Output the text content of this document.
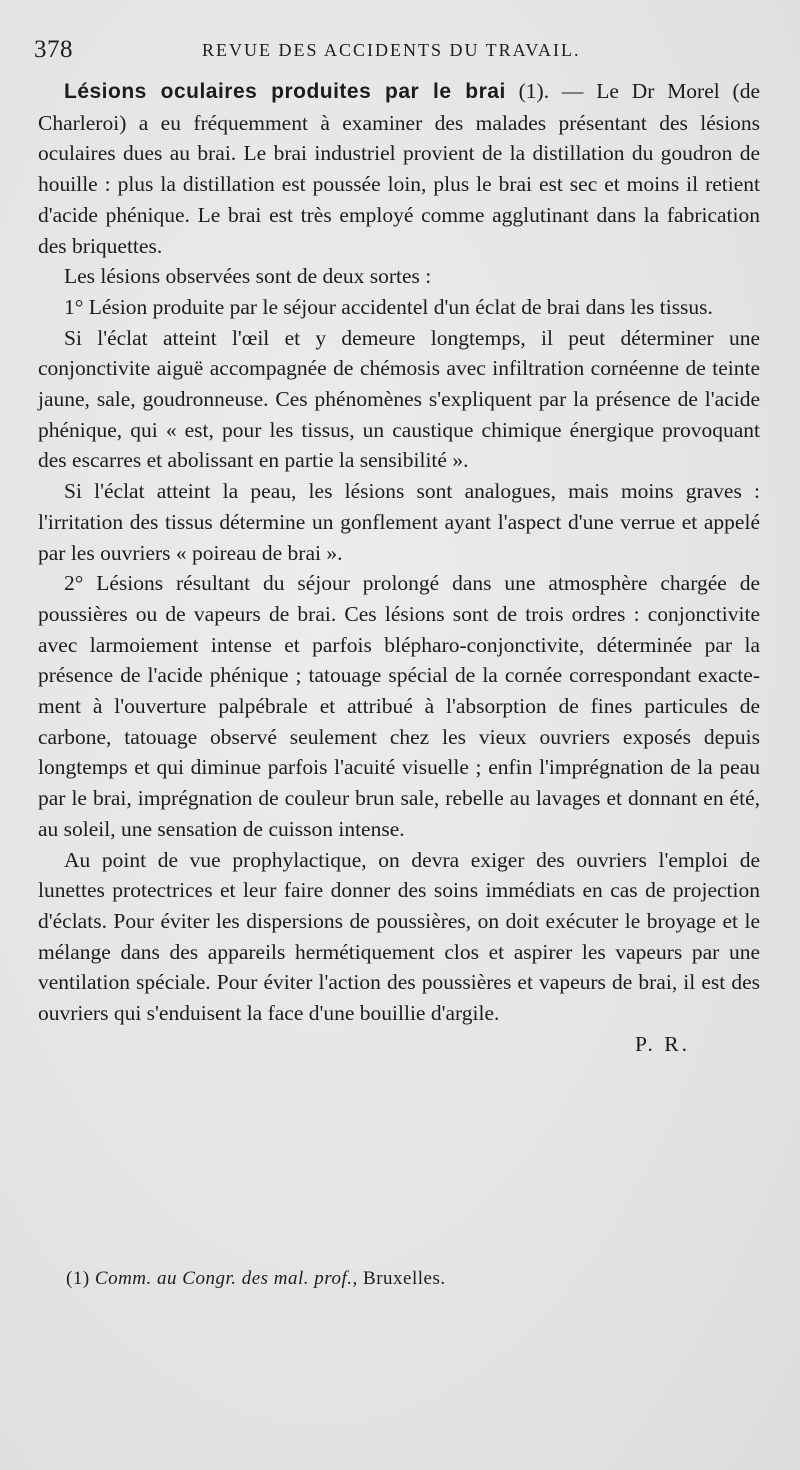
378	REVUE DES ACCIDENTS DU TRAVAIL.

Lésions oculaires produites par le brai (1). — Le Dr Morel (de Charleroi) a eu fréquemment à examiner des malades présentant des lésions oculaires dues au brai. Le brai industriel provient de la distillation du goudron de houille : plus la distillation est poussée loin, plus le brai est sec et moins il retient d'acide phénique. Le brai est très employé comme agglutinant dans la fabrication des briquettes.

Les lésions observées sont de deux sortes :

1° Lésion produite par le séjour accidentel d'un éclat de brai dans les tissus.

Si l'éclat atteint l'œil et y demeure longtemps, il peut déterminer une conjonctivite aiguë accompagnée de chémosis avec infiltration cornéenne de teinte jaune, sale, goudronneuse. Ces phénomènes s'expliquent par la présence de l'acide phénique, qui « est, pour les tissus, un caustique chimique énergique provoquant des escarres et abolissant en partie la sensibilité ».

Si l'éclat atteint la peau, les lésions sont analogues, mais moins graves : l'irritation des tissus détermine un gonflement ayant l'aspect d'une verrue et appelé par les ouvriers « poireau de brai ».

2° Lésions résultant du séjour prolongé dans une atmosphère chargée de poussières ou de vapeurs de brai. Ces lésions sont de trois ordres : conjonctivite avec larmoiement intense et parfois blépharo-conjonctivite, déterminée par la présence de l'acide phénique ; tatouage spécial de la cornée correspondant exactement à l'ouverture palpébrale et attribué à l'absorption de fines particules de carbone, tatouage observé seulement chez les vieux ouvriers exposés depuis longtemps et qui diminue parfois l'acuité visuelle ; enfin l'imprégnation de la peau par le brai, imprégnation de couleur brun sale, rebelle au lavages et donnant en été, au soleil, une sensation de cuisson intense.

Au point de vue prophylactique, on devra exiger des ouvriers l'emploi de lunettes protectrices et leur faire donner des soins immédiats en cas de projection d'éclats. Pour éviter les dispersions de poussières, on doit exécuter le broyage et le mélange dans des appareils hermétiquement clos et aspirer les vapeurs par une ventilation spéciale. Pour éviter l'action des poussières et vapeurs de brai, il est des ouvriers qui s'enduisent la face d'une bouillie d'argile.

P. R.

(1) Comm. au Congr. des mal. prof., Bruxelles.
